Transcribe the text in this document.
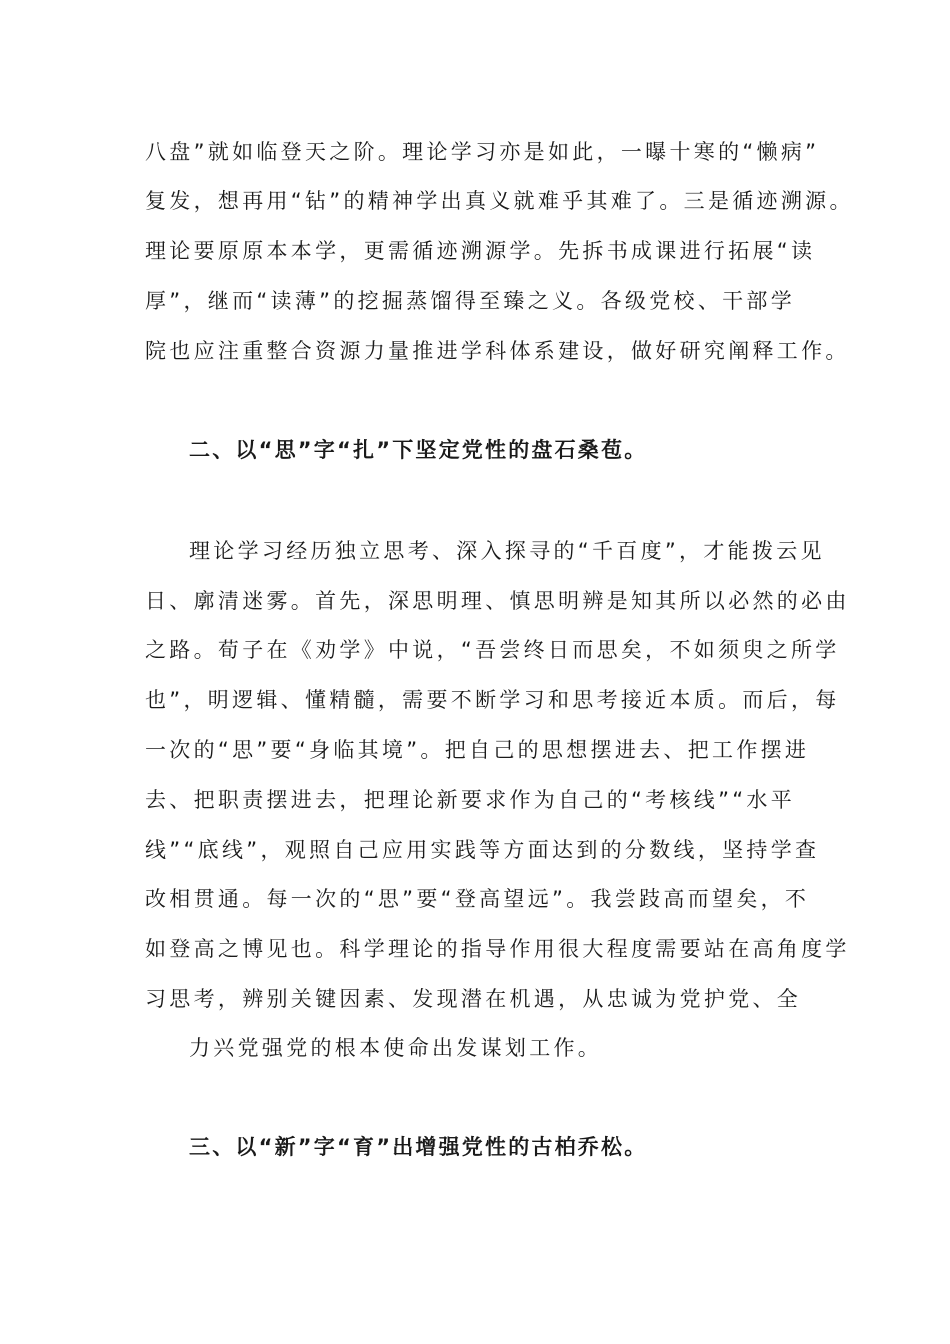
八盘”就如临登天之阶。理论学习亦是如此，一曝十寒的“懒病”
复发，想再用“钻”的精神学出真义就难乎其难了。三是循迹溯源。
理论要原原本本学，更需循迹溯源学。先拆书成课进行拓展“读
厚”，继而“读薄”的挖掘蒸馏得至臻之义。各级党校、干部学
院也应注重整合资源力量推进学科体系建设，做好研究阐释工作。
二、以“思”字“扎”下坚定党性的盘石桑苞。
理论学习经历独立思考、深入探寻的“千百度”，才能拨云见
日、廓清迷雾。首先，深思明理、慎思明辨是知其所以必然的必由
之路。荀子在《劝学》中说，“吾尝终日而思矣，不如须臾之所学
也”，明逻辑、懂精髓，需要不断学习和思考接近本质。而后，每
一次的“思”要“身临其境”。把自己的思想摆进去、把工作摆进
去、把职责摆进去，把理论新要求作为自己的“考核线”“水平
线”“底线”，观照自己应用实践等方面达到的分数线，坚持学查
改相贯通。每一次的“思”要“登高望远”。我尝跂高而望矣，不
如登高之博见也。科学理论的指导作用很大程度需要站在高角度学
习思考，辨别关键因素、发现潜在机遇，从忠诚为党护党、全
力兴党强党的根本使命出发谋划工作。
三、以“新”字“育”出增强党性的古柏乔松。
